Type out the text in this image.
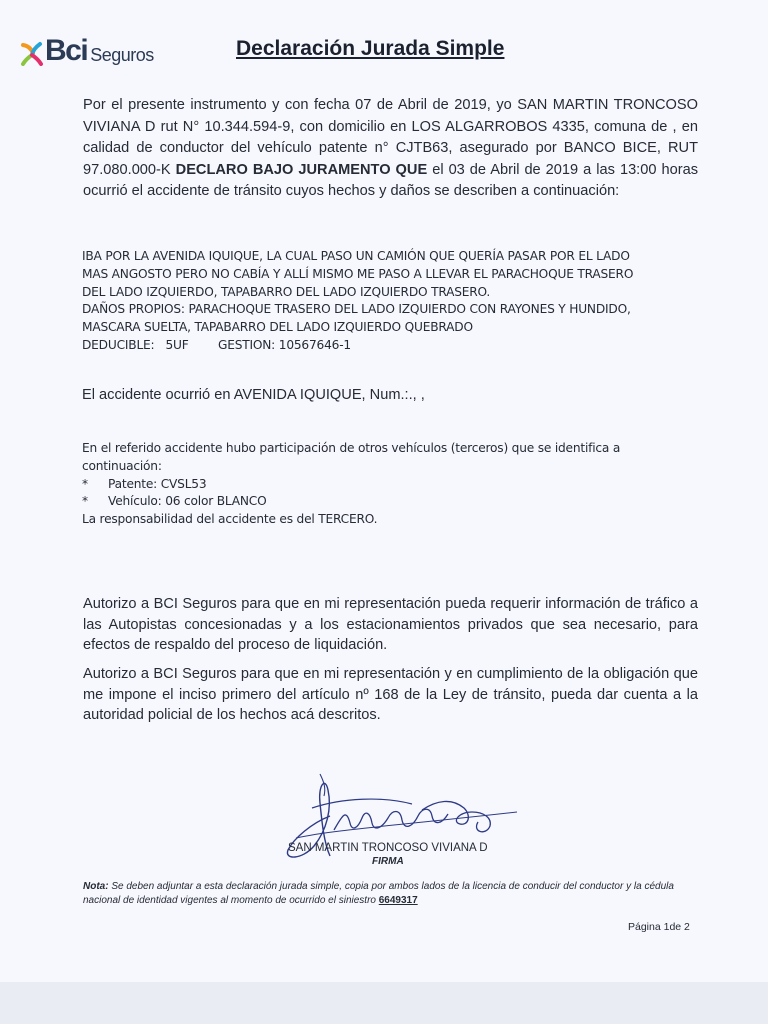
Bci Seguros	Declaración Jurada Simple
Por el presente instrumento y con fecha 07 de Abril de 2019, yo SAN MARTIN TRONCOSO VIVIANA D rut N° 10.344.594-9, con domicilio en LOS ALGARROBOS 4335, comuna de , en calidad de conductor del vehículo patente n° CJTB63, asegurado por BANCO BICE, RUT 97.080.000-K DECLARO BAJO JURAMENTO QUE el 03 de Abril de 2019 a las 13:00 horas ocurrió el accidente de tránsito cuyos hechos y daños se describen a continuación:
IBA POR LA AVENIDA IQUIQUE, LA CUAL PASO UN CAMIÓN QUE QUERÍA PASAR POR EL LADO
MAS ANGOSTO PERO NO CABÍA Y ALLÍ MISMO ME PASO A LLEVAR EL PARACHOQUE TRASERO
DEL LADO IZQUIERDO, TAPABARRO DEL LADO IZQUIERDO TRASERO.
DAÑOS PROPIOS: PARACHOQUE TRASERO DEL LADO IZQUIERDO CON RAYONES Y HUNDIDO,
MASCARA SUELTA, TAPABARRO DEL LADO IZQUIERDO QUEBRADO
DEDUCIBLE:   5UF        GESTION: 10567646-1
El accidente ocurrió en AVENIDA IQUIQUE, Num.:., ,
En el referido accidente hubo participación de otros vehículos (terceros) que se identifica a continuación:
*	Patente: CVSL53
*	Vehículo: 06 color BLANCO
La responsabilidad del accidente es del TERCERO.
Autorizo a BCI Seguros para que en mi representación pueda requerir información de tráfico a las Autopistas concesionadas y a los estacionamientos privados que sea necesario, para efectos de respaldo del proceso de liquidación.
Autorizo a BCI Seguros para que en mi representación y en cumplimiento de la obligación que me impone el inciso primero del artículo nº 168 de la Ley de tránsito, pueda dar cuenta a la autoridad policial de los hechos acá descritos.
SAN MARTIN TRONCOSO VIVIANA D
FIRMA
Nota: Se deben adjuntar a esta declaración jurada simple, copia por ambos lados de la licencia de conducir del conductor y la cédula nacional de identidad vigentes al momento de ocurrido el siniestro 6649317
Página 1de 2
